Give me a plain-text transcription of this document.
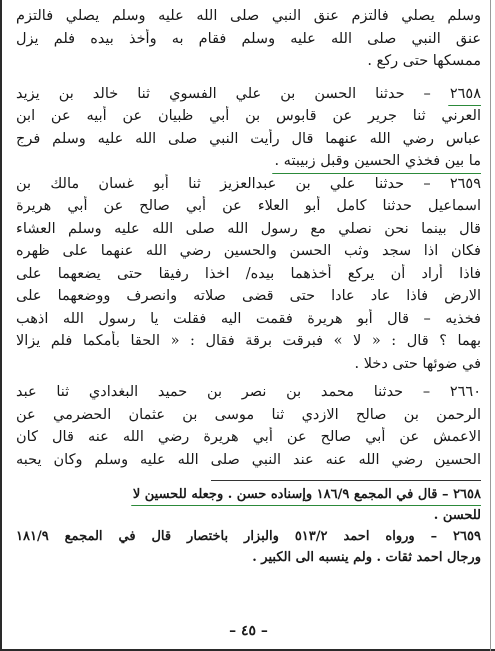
وسلم يصلي فالتزم عنق النبي صلى الله عليه وسلم يصلي فالتزم
عنق النبي صلى الله عليه وسلم فقام به وأخذ بيده فلم يزل
ممسكها حتى ركع .
٢٦٥٨ – حدثنا الحسن بن علي الفسوي ثنا خالد بن يزيد
العرني ثنا جرير عن قابوس بن أبي ظبيان عن أبيه عن ابن
عباس رضي الله عنهما قال رأيت النبي صلى الله عليه وسلم فرج
ما بين فخذي الحسين وقبل زبيبته .
٢٦٥٩ – حدثنا علي بن عبدالعزيز ثنا أبو غسان مالك بن
اسماعيل حدثنا كامل أبو العلاء عن أبي صالح عن أبي هريرة
قال بينما نحن نصلي مع رسول الله صلى الله عليه وسلم العشاء
فكان اذا سجد وثب الحسن والحسين رضي الله عنهما على ظهره
فاذا أراد أن يركع أخذهما بيده/ اخذا رفيقا حتى يضعهما على
الارض فاذا عاد عادا حتى قضى صلاته وانصرف ووضعهما على
فخذيه – قال أبو هريرة فقمت اليه فقلت يا رسول الله اذهب
بهما ؟ قال : « لا » فبرقت برقة فقال : « الحقا بأمكما فلم يزالا
في ضوئها حتى دخلا .
٢٦٦٠ – حدثنا محمد بن نصر بن حميد البغدادي ثنا عبد
الرحمن بن صالح الازدي ثنا موسى بن عثمان الحضرمي عن
الاعمش عن أبي صالح عن أبي هريرة رضي الله عنه قال كان
الحسين رضي الله عنه عند النبي صلى الله عليه وسلم وكان يحبه
٢٦٥٨ – قال في المجمع ١٨٦/٩ وإسناده حسن . وجعله للحسين لا
للحسن .
٢٦٥٩ – ورواه احمد ٥١٣/٢ والبزار باختصار قال في المجمع ١٨١/٩
ورجال احمد ثقات . ولم ينسبه الى الكبير .
– ٤٥ –
